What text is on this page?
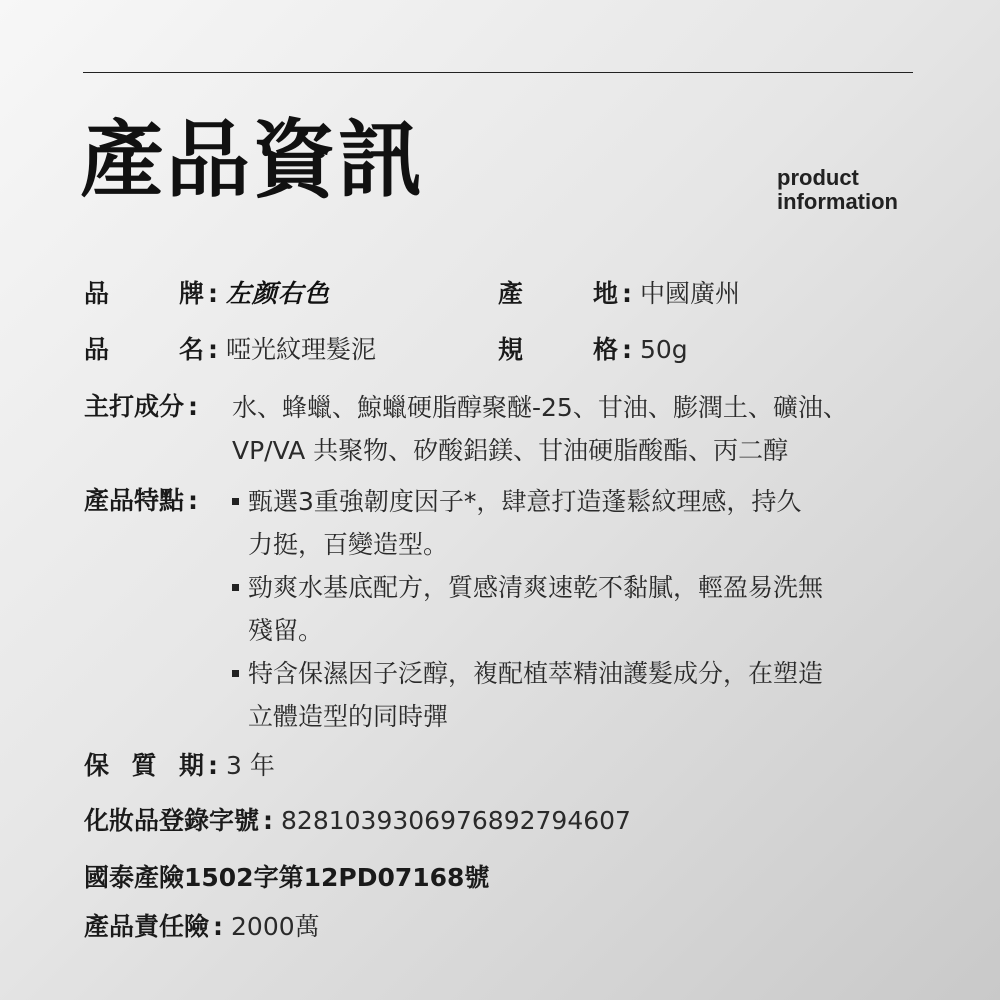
產品資訊	product
information
品	牌 : 左颜右色	產	地 : 中國廣州
品	名 : 啞光紋理髮泥	規	格 : 50g
主打成分 :	水、蜂蠟、鯨蠟硬脂醇聚醚-25、甘油、膨潤土、礦油、
VP/VA 共聚物、矽酸鋁鎂、甘油硬脂酸酯、丙二醇
產品特點 :	甄選3重強韌度因子*，肆意打造蓬鬆紋理感，持久
力挺，百變造型。
勁爽水基底配方，質感清爽速乾不黏膩，輕盈易洗無
殘留。
特含保濕因子泛醇，複配植萃精油護髮成分，在塑造
立體造型的同時彈
保 質 期 : 3 年
化妝品登錄字號 : 8281039306976892794607
國泰產險1502字第12PD07168號
產品責任險 : 2000萬
